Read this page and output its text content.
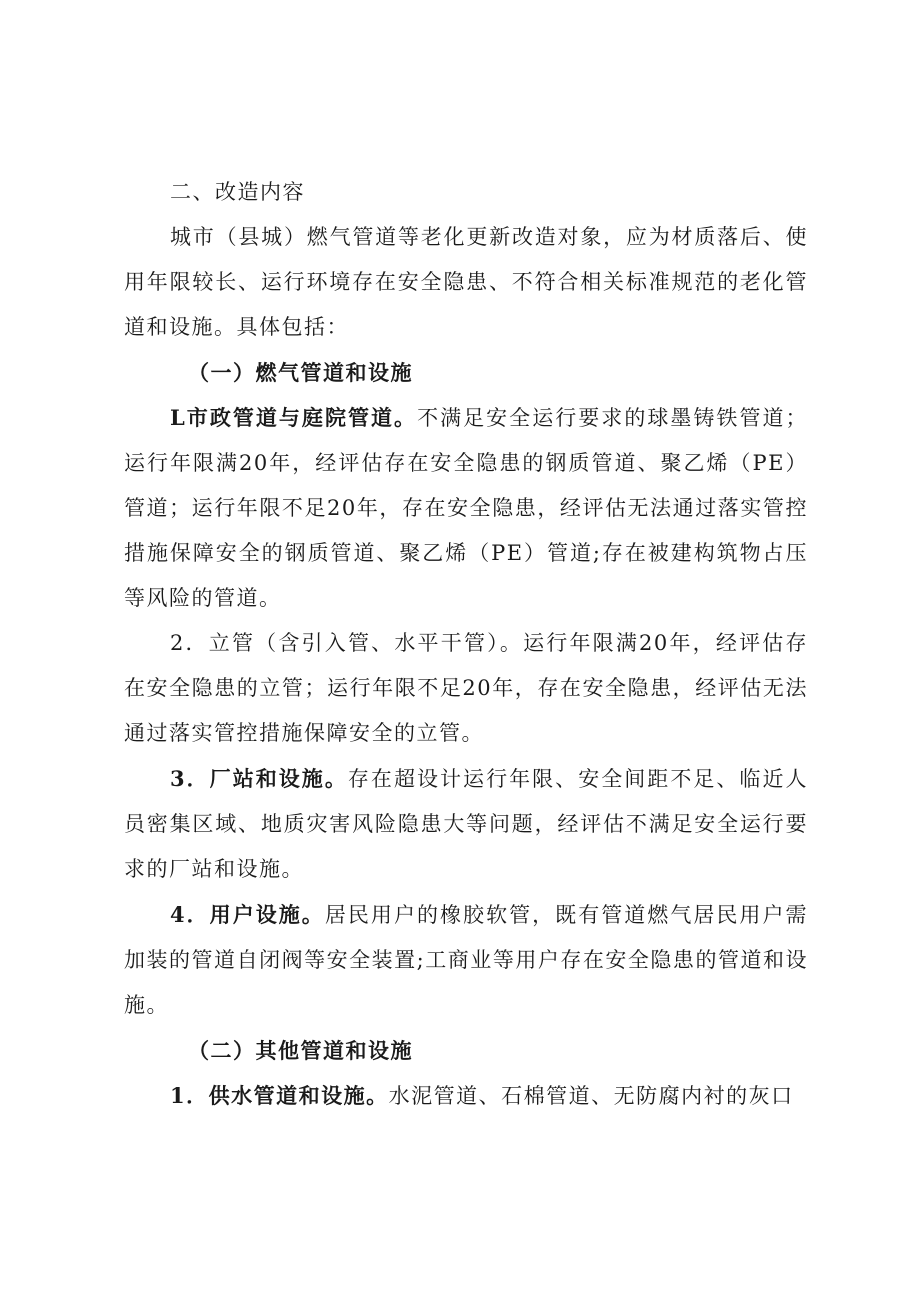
二、改造内容

城市（县城）燃气管道等老化更新改造对象，应为材质落后、使用年限较长、运行环境存在安全隐患、不符合相关标准规范的老化管道和设施。具体包括：

（一）燃气管道和设施

L市政管道与庭院管道。不满足安全运行要求的球墨铸铁管道；运行年限满20年，经评估存在安全隐患的钢质管道、聚乙烯（PE）管道；运行年限不足20年，存在安全隐患，经评估无法通过落实管控措施保障安全的钢质管道、聚乙烯（PE）管道;存在被建构筑物占压等风险的管道。

2．立管（含引入管、水平干管）。运行年限满20年，经评估存在安全隐患的立管；运行年限不足20年，存在安全隐患，经评估无法通过落实管控措施保障安全的立管。

3．厂站和设施。存在超设计运行年限、安全间距不足、临近人员密集区域、地质灾害风险隐患大等问题，经评估不满足安全运行要求的厂站和设施。

4．用户设施。居民用户的橡胶软管，既有管道燃气居民用户需加装的管道自闭阀等安全装置;工商业等用户存在安全隐患的管道和设施。

（二）其他管道和设施

1．供水管道和设施。水泥管道、石棉管道、无防腐内衬的灰口
